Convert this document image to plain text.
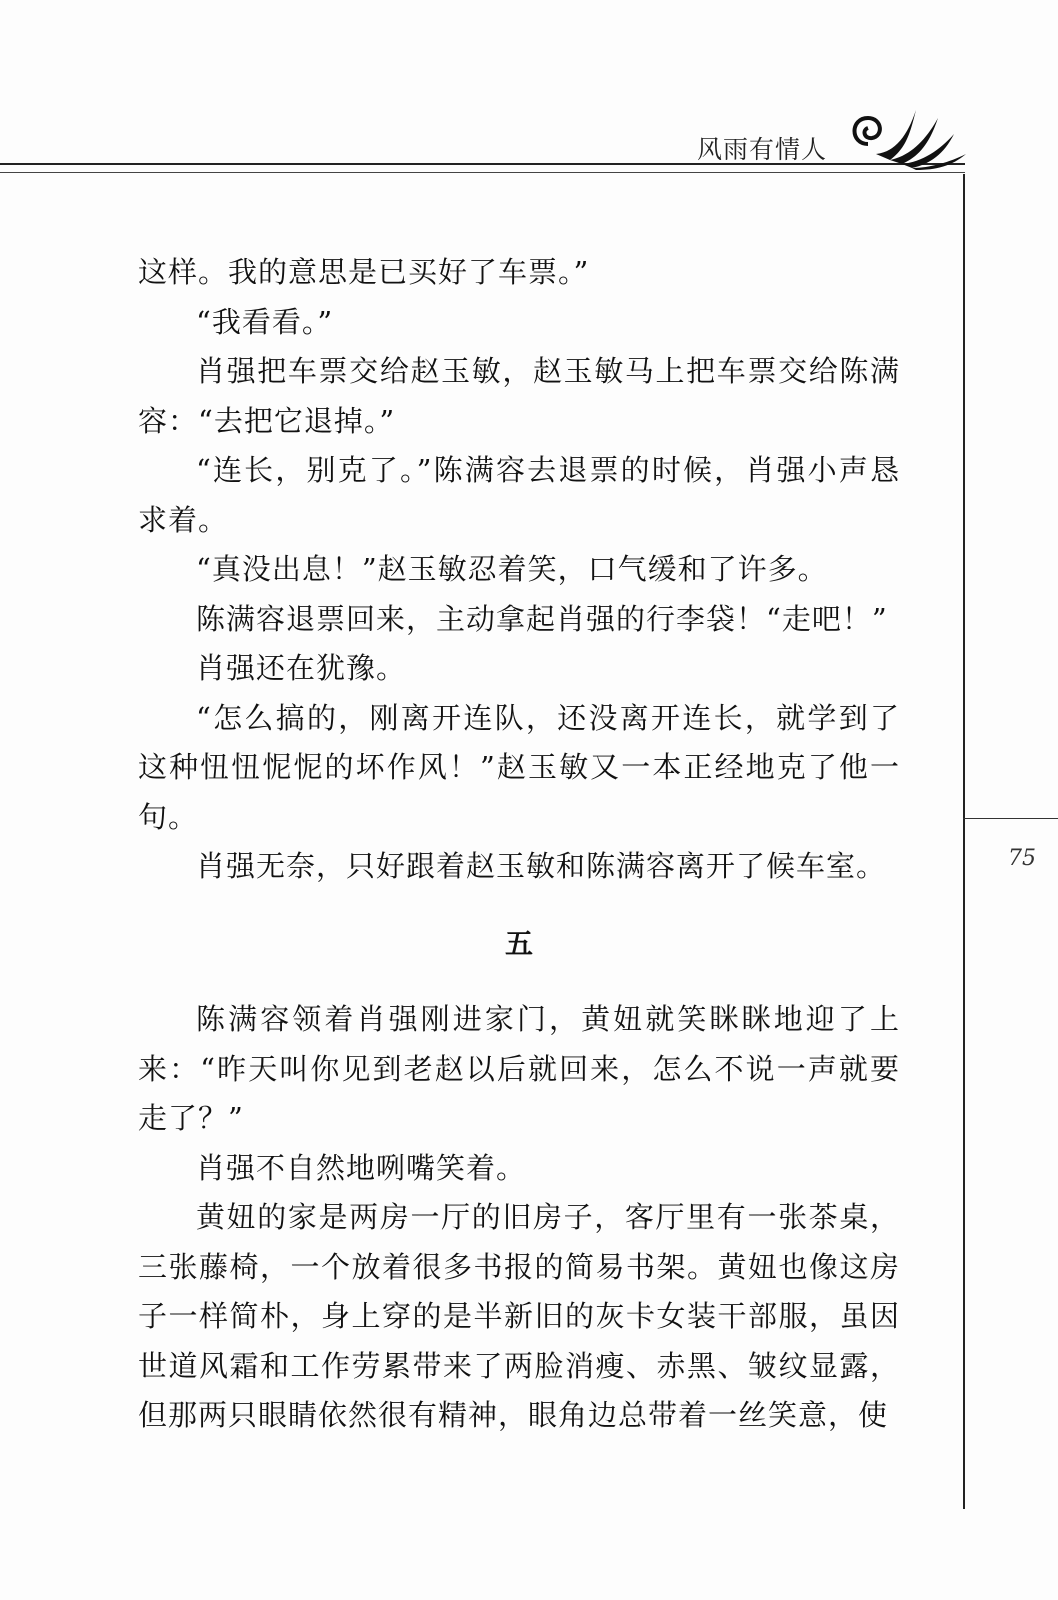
风雨有情人
75

这样。我的意思是已买好了车票。”

“我看看。”

肖强把车票交给赵玉敏，赵玉敏马上把车票交给陈满容：“去把它退掉。”

“连长，别克了。”陈满容去退票的时候，肖强小声恳求着。

“真没出息！”赵玉敏忍着笑，口气缓和了许多。

陈满容退票回来，主动拿起肖强的行李袋！“走吧！”

肖强还在犹豫。

“怎么搞的，刚离开连队，还没离开连长，就学到了这种忸忸怩怩的坏作风！”赵玉敏又一本正经地克了他一句。

肖强无奈，只好跟着赵玉敏和陈满容离开了候车室。

五

陈满容领着肖强刚进家门，黄妞就笑眯眯地迎了上来：“昨天叫你见到老赵以后就回来，怎么不说一声就要走了？”

肖强不自然地咧嘴笑着。

黄妞的家是两房一厅的旧房子，客厅里有一张茶桌，三张藤椅，一个放着很多书报的简易书架。黄妞也像这房子一样简朴，身上穿的是半新旧的灰卡女装干部服，虽因世道风霜和工作劳累带来了两脸消瘦、赤黑、皱纹显露，但那两只眼睛依然很有精神，眼角边总带着一丝笑意，使
